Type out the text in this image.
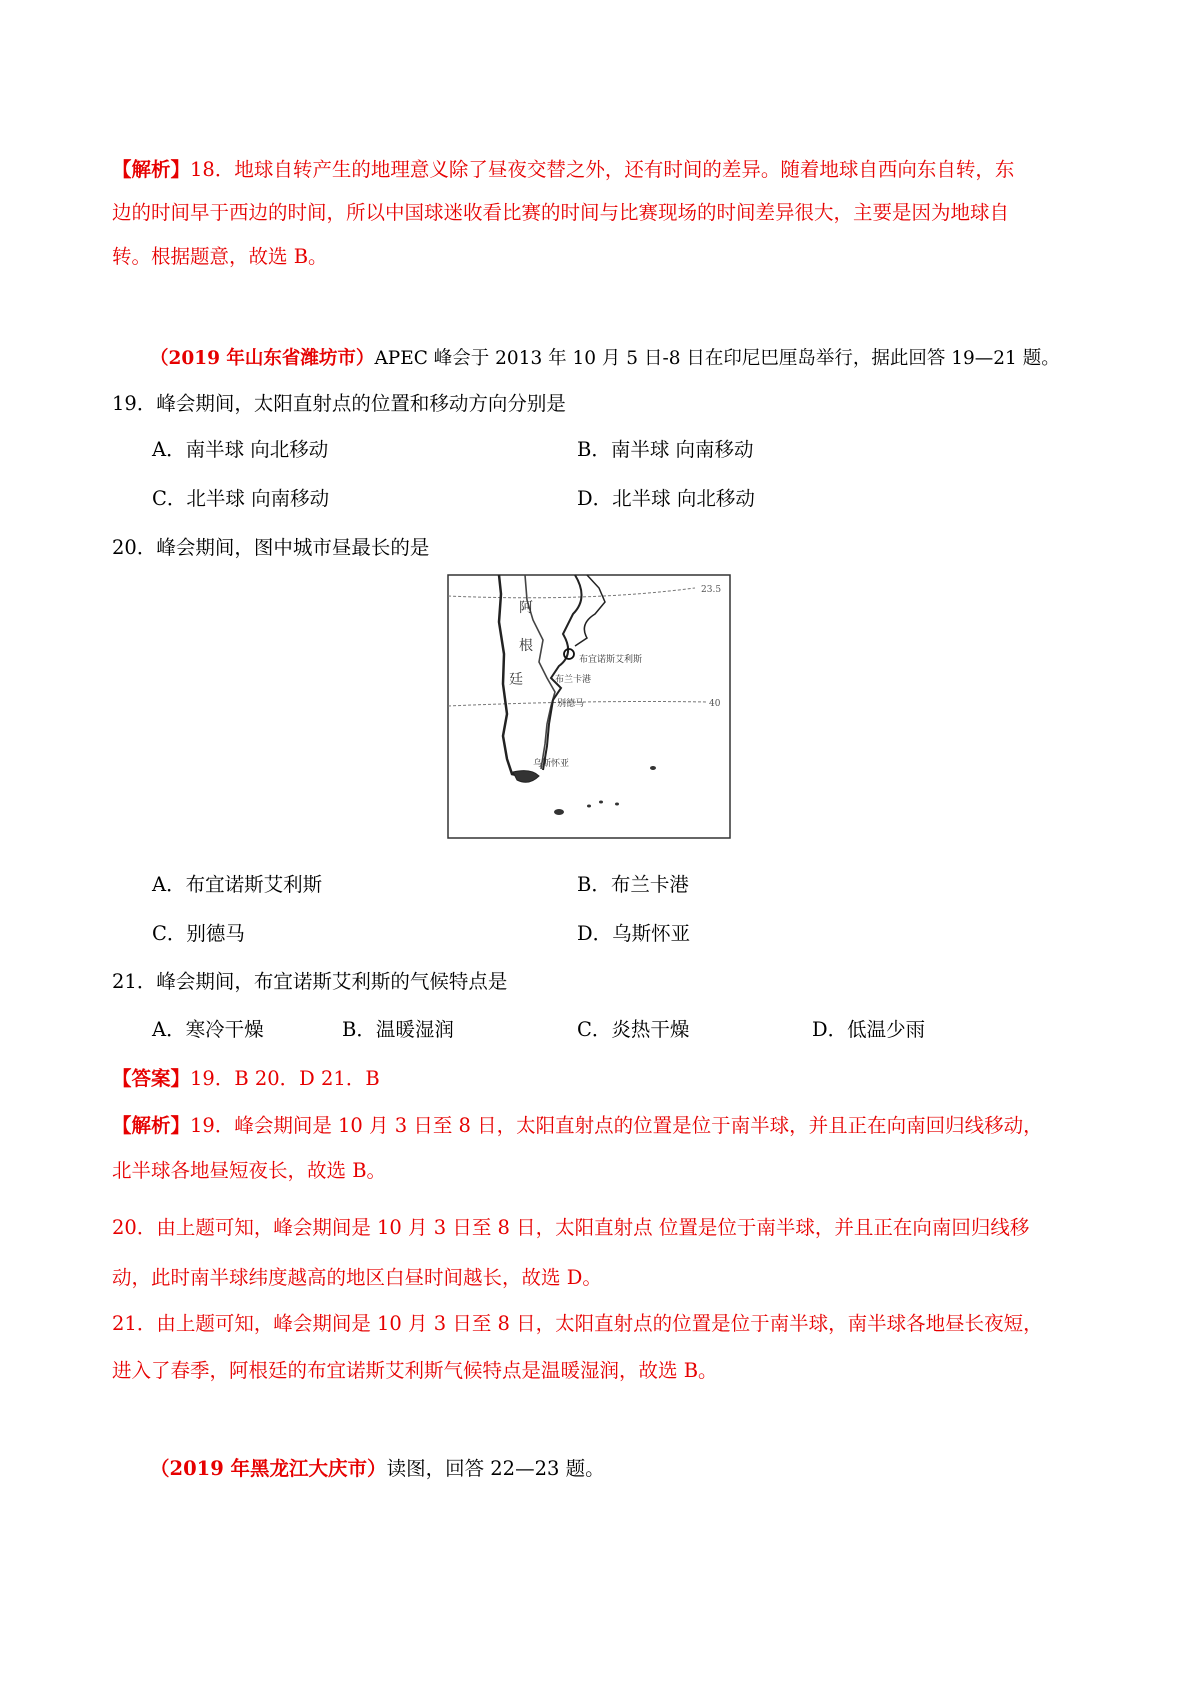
【解析】18．地球自转产生的地理意义除了昼夜交替之外，还有时间的差异。随着地球自西向东自转，东
边的时间早于西边的时间，所以中国球迷收看比赛的时间与比赛现场的时间差异很大，主要是因为地球自
转。根据题意，故选 B。
（2019 年山东省潍坊市）APEC 峰会于 2013 年 10 月 5 日-8 日在印尼巴厘岛举行，据此回答 19—21 题。
19．峰会期间，太阳直射点的位置和移动方向分别是
A．南半球 向北移动	B．南半球 向南移动
C．北半球 向南移动	D．北半球 向北移动
20．峰会期间，图中城市昼最长的是
阿
根
廷
布宜诺斯艾利斯
布兰卡港
别德马
乌斯怀亚
23.5
40
A．布宜诺斯艾利斯	B．布兰卡港
C．别德马	D．乌斯怀亚
21．峰会期间，布宜诺斯艾利斯的气候特点是
A．寒冷干燥	B．温暖湿润	C．炎热干燥	D．低温少雨
【答案】19．B 20．D 21．B
【解析】19．峰会期间是 10 月 3 日至 8 日，太阳直射点的位置是位于南半球，并且正在向南回归线移动，
北半球各地昼短夜长，故选 B。
20．由上题可知，峰会期间是 10 月 3 日至 8 日，太阳直射点 位置是位于南半球，并且正在向南回归线移
动，此时南半球纬度越高的地区白昼时间越长，故选 D。
21．由上题可知，峰会期间是 10 月 3 日至 8 日，太阳直射点的位置是位于南半球，南半球各地昼长夜短，
进入了春季，阿根廷的布宜诺斯艾利斯气候特点是温暖湿润，故选 B。
（2019 年黑龙江大庆市）读图，回答 22—23 题。
